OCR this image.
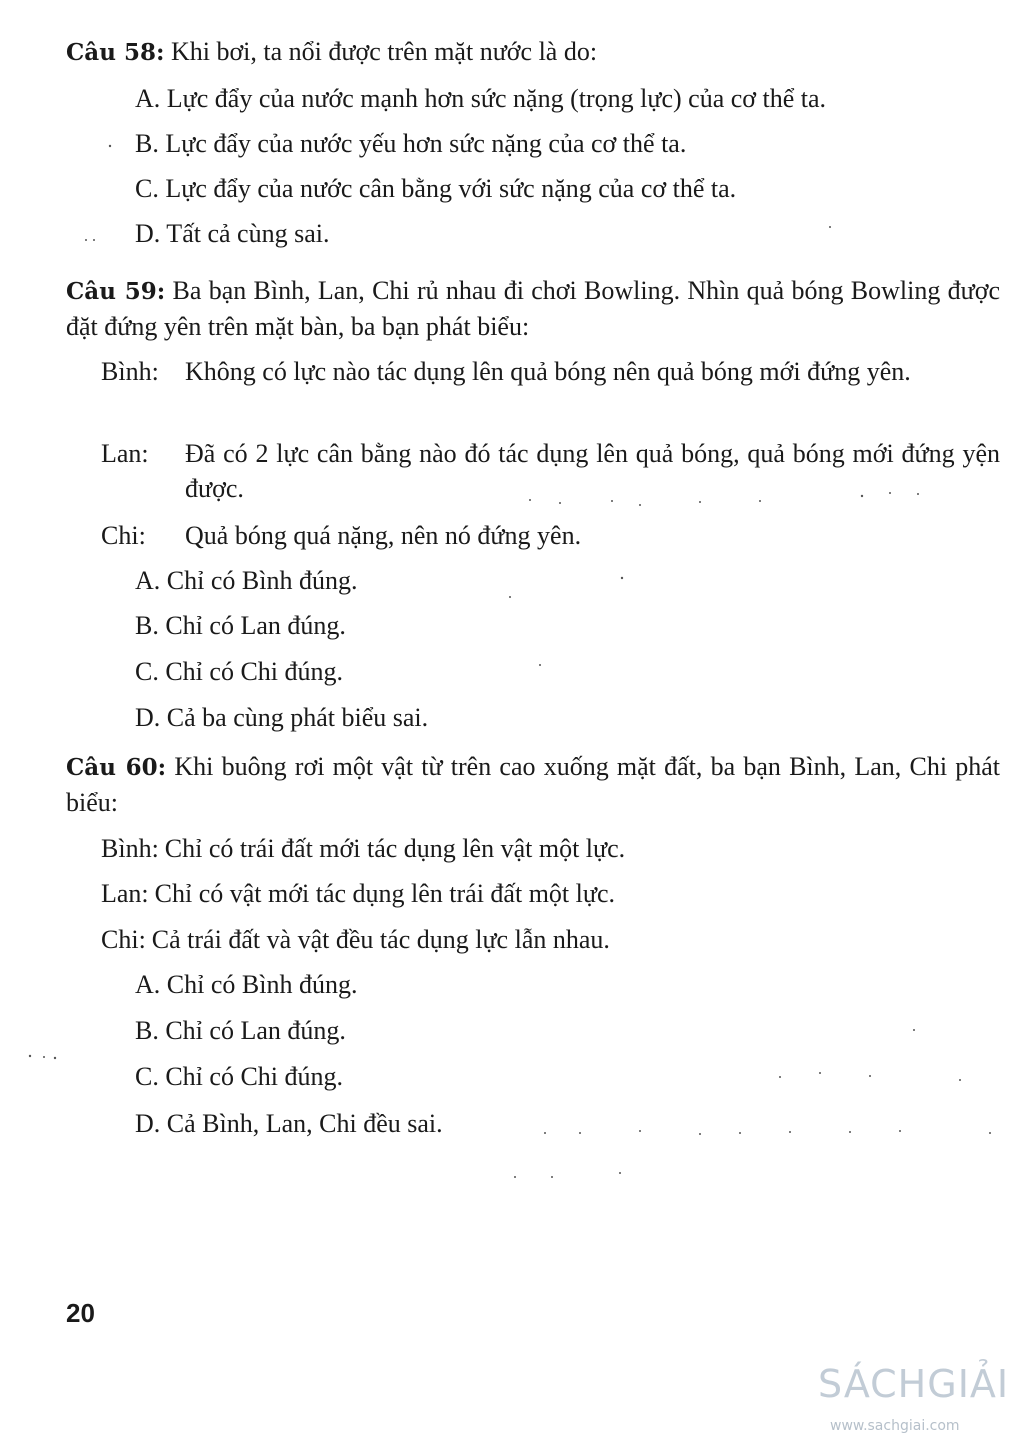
Câu 58: Khi bơi, ta nổi được trên mặt nước là do:

A. Lực đẩy của nước mạnh hơn sức nặng (trọng lực) của cơ thể ta.
B. Lực đẩy của nước yếu hơn sức nặng của cơ thể ta.
C. Lực đẩy của nước cân bằng với sức nặng của cơ thể ta.
D. Tất cả cùng sai.

Câu 59: Ba bạn Bình, Lan, Chi rủ nhau đi chơi Bowling. Nhìn quả bóng Bowling được đặt đứng yên trên mặt bàn, ba bạn phát biểu:

Bình:	Không có lực nào tác dụng lên quả bóng nên quả bóng mới đứng yên.
Lan:	Đã có 2 lực cân bằng nào đó tác dụng lên quả bóng, quả bóng mới đứng yện được.
Chi:	Quả bóng quá nặng, nên nó đứng yên.
A. Chỉ có Bình đúng.
B. Chỉ có Lan đúng.
C. Chỉ có Chi đúng.
D. Cả ba cùng phát biểu sai.

Câu 60: Khi buông rơi một vật từ trên cao xuống mặt đất, ba bạn Bình, Lan, Chi phát biểu:

Bình: Chỉ có trái đất mới tác dụng lên vật một lực.
Lan: Chỉ có vật mới tác dụng lên trái đất một lực.
Chi: Cả trái đất và vật đều tác dụng lực lẫn nhau.
A. Chỉ có Bình đúng.
B. Chỉ có Lan đúng.
C. Chỉ có Chi đúng.
D. Cả Bình, Lan, Chi đều sai.
20
SÁCHGIẢI
www.sachgiai.com
